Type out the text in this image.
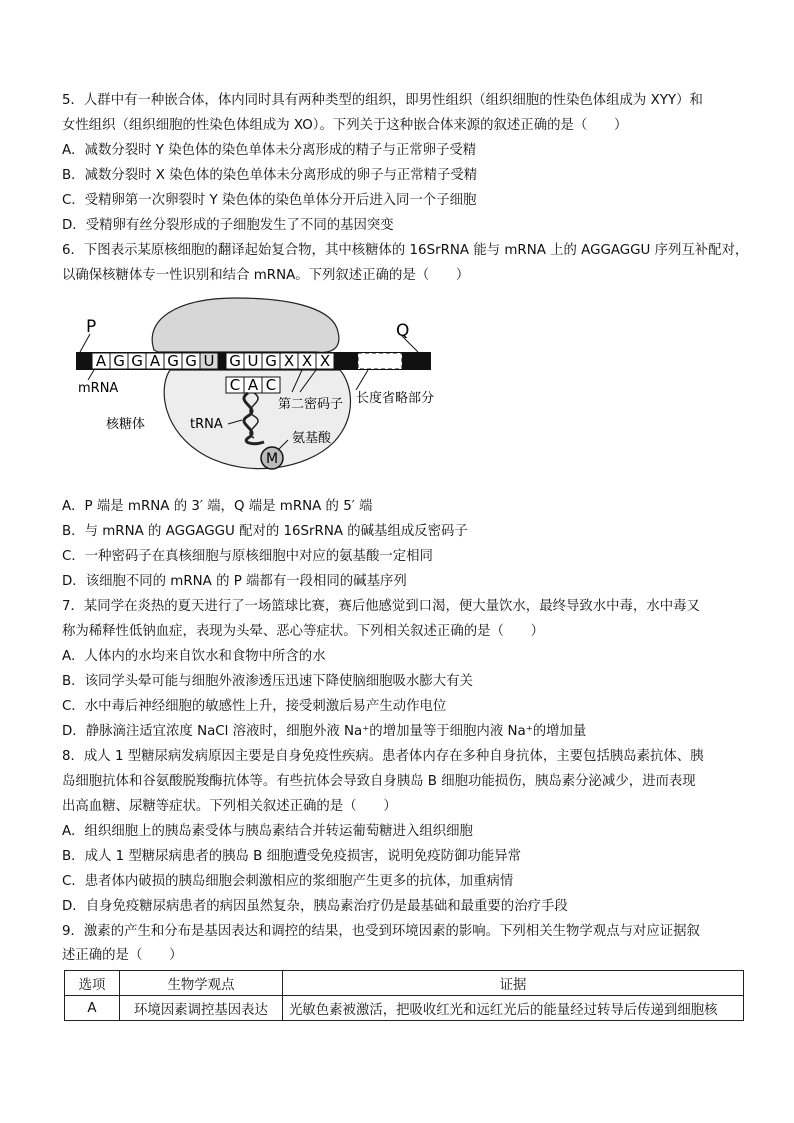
5．人群中有一种嵌合体，体内同时具有两种类型的组织，即男性组织（组织细胞的性染色体组成为 XYY）和
女性组织（组织细胞的性染色体组成为 XO）。下列关于这种嵌合体来源的叙述正确的是（　　）
A．减数分裂时 Y 染色体的染色单体未分离形成的精子与正常卵子受精
B．减数分裂时 X 染色体的染色单体未分离形成的卵子与正常精子受精
C．受精卵第一次卵裂时 Y 染色体的染色单体分开后进入同一个子细胞
D．受精卵有丝分裂形成的子细胞发生了不同的基因突变
6．下图表示某原核细胞的翻译起始复合物，其中核糖体的 16SrRNA 能与 mRNA 上的 AGGAGGU 序列互补配对，
以确保核糖体专一性识别和结合 mRNA。下列叙述正确的是（　　）
A G G A G G U G U G X X X
C A C
M
P	Q
mRNA
核糖体	tRNA
氨基酸
第二密码子 长度省略部分
A．P 端是 mRNA 的 3′ 端，Q 端是 mRNA 的 5′ 端
B．与 mRNA 的 AGGAGGU 配对的 16SrRNA 的碱基组成反密码子
C．一种密码子在真核细胞与原核细胞中对应的氨基酸一定相同
D．该细胞不同的 mRNA 的 P 端都有一段相同的碱基序列
7．某同学在炎热的夏天进行了一场篮球比赛，赛后他感觉到口渴，便大量饮水，最终导致水中毒，水中毒又
称为稀释性低钠血症，表现为头晕、恶心等症状。下列相关叙述正确的是（　　）
A．人体内的水均来自饮水和食物中所含的水
B．该同学头晕可能与细胞外液渗透压迅速下降使脑细胞吸水膨大有关
C．水中毒后神经细胞的敏感性上升，接受刺激后易产生动作电位
D．静脉滴注适宜浓度 NaCl 溶液时，细胞外液 Na⁺的增加量等于细胞内液 Na⁺的增加量
8．成人 1 型糖尿病发病原因主要是自身免疫性疾病。患者体内存在多种自身抗体，主要包括胰岛素抗体、胰
岛细胞抗体和谷氨酸脱羧酶抗体等。有些抗体会导致自身胰岛 B 细胞功能损伤，胰岛素分泌减少，进而表现
出高血糖、尿糖等症状。下列相关叙述正确的是（　　）
A．组织细胞上的胰岛素受体与胰岛素结合并转运葡萄糖进入组织细胞
B．成人 1 型糖尿病患者的胰岛 B 细胞遭受免疫损害，说明免疫防御功能异常
C．患者体内破损的胰岛细胞会刺激相应的浆细胞产生更多的抗体，加重病情
D．自身免疫糖尿病患者的病因虽然复杂，胰岛素治疗仍是最基础和最重要的治疗手段
9．激素的产生和分布是基因表达和调控的结果，也受到环境因素的影响。下列相关生物学观点与对应证据叙
述正确的是（　　）
选项	生物学观点	证据
A	环境因素调控基因表达	光敏色素被激活，把吸收红光和远红光后的能量经过转导后传递到细胞核
